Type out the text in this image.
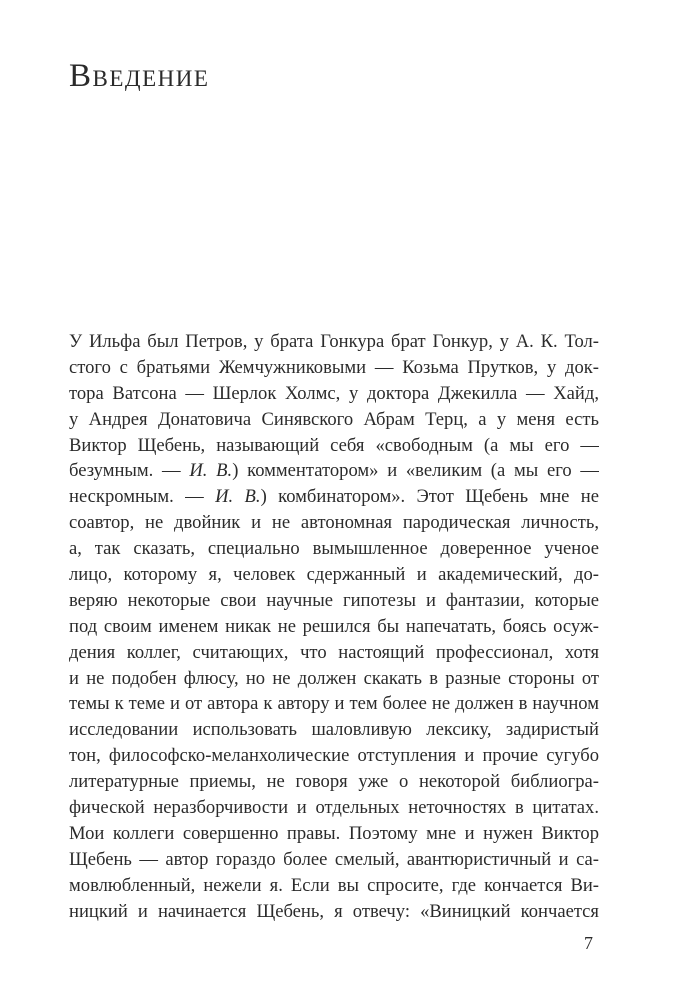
Введение
У Ильфа был Петров, у брата Гонкура брат Гонкур, у А. К. Тол-
стого с братьями Жемчужниковыми — Козьма Прутков, у док-
тора Ватсона — Шерлок Холмс, у доктора Джекилла — Хайд,
у Андрея Донатовича Синявского Абрам Терц, а у меня есть
Виктор Щебень, называющий себя «свободным (а мы его —
безумным. — И. В.) комментатором» и «великим (а мы его —
нескромным. — И. В.) комбинатором». Этот Щебень мне не
соавтор, не двойник и не автономная пародическая личность,
а, так сказать, специально вымышленное доверенное ученое
лицо, которому я, человек сдержанный и академический, до-
веряю некоторые свои научные гипотезы и фантазии, которые
под своим именем никак не решился бы напечатать, боясь осуж-
дения коллег, считающих, что настоящий профессионал, хотя
и не подобен флюсу, но не должен скакать в разные стороны от
темы к теме и от автора к автору и тем более не должен в научном
исследовании использовать шаловливую лексику, задиристый
тон, философско-меланхолические отступления и прочие сугубо
литературные приемы, не говоря уже о некоторой библиогра-
фической неразборчивости и отдельных неточностях в цитатах.
Мои коллеги совершенно правы. Поэтому мне и нужен Виктор
Щебень — автор гораздо более смелый, авантюристичный и са-
мовлюбленный, нежели я. Если вы спросите, где кончается Ви-
ницкий и начинается Щебень, я отвечу: «Виницкий кончается
7
